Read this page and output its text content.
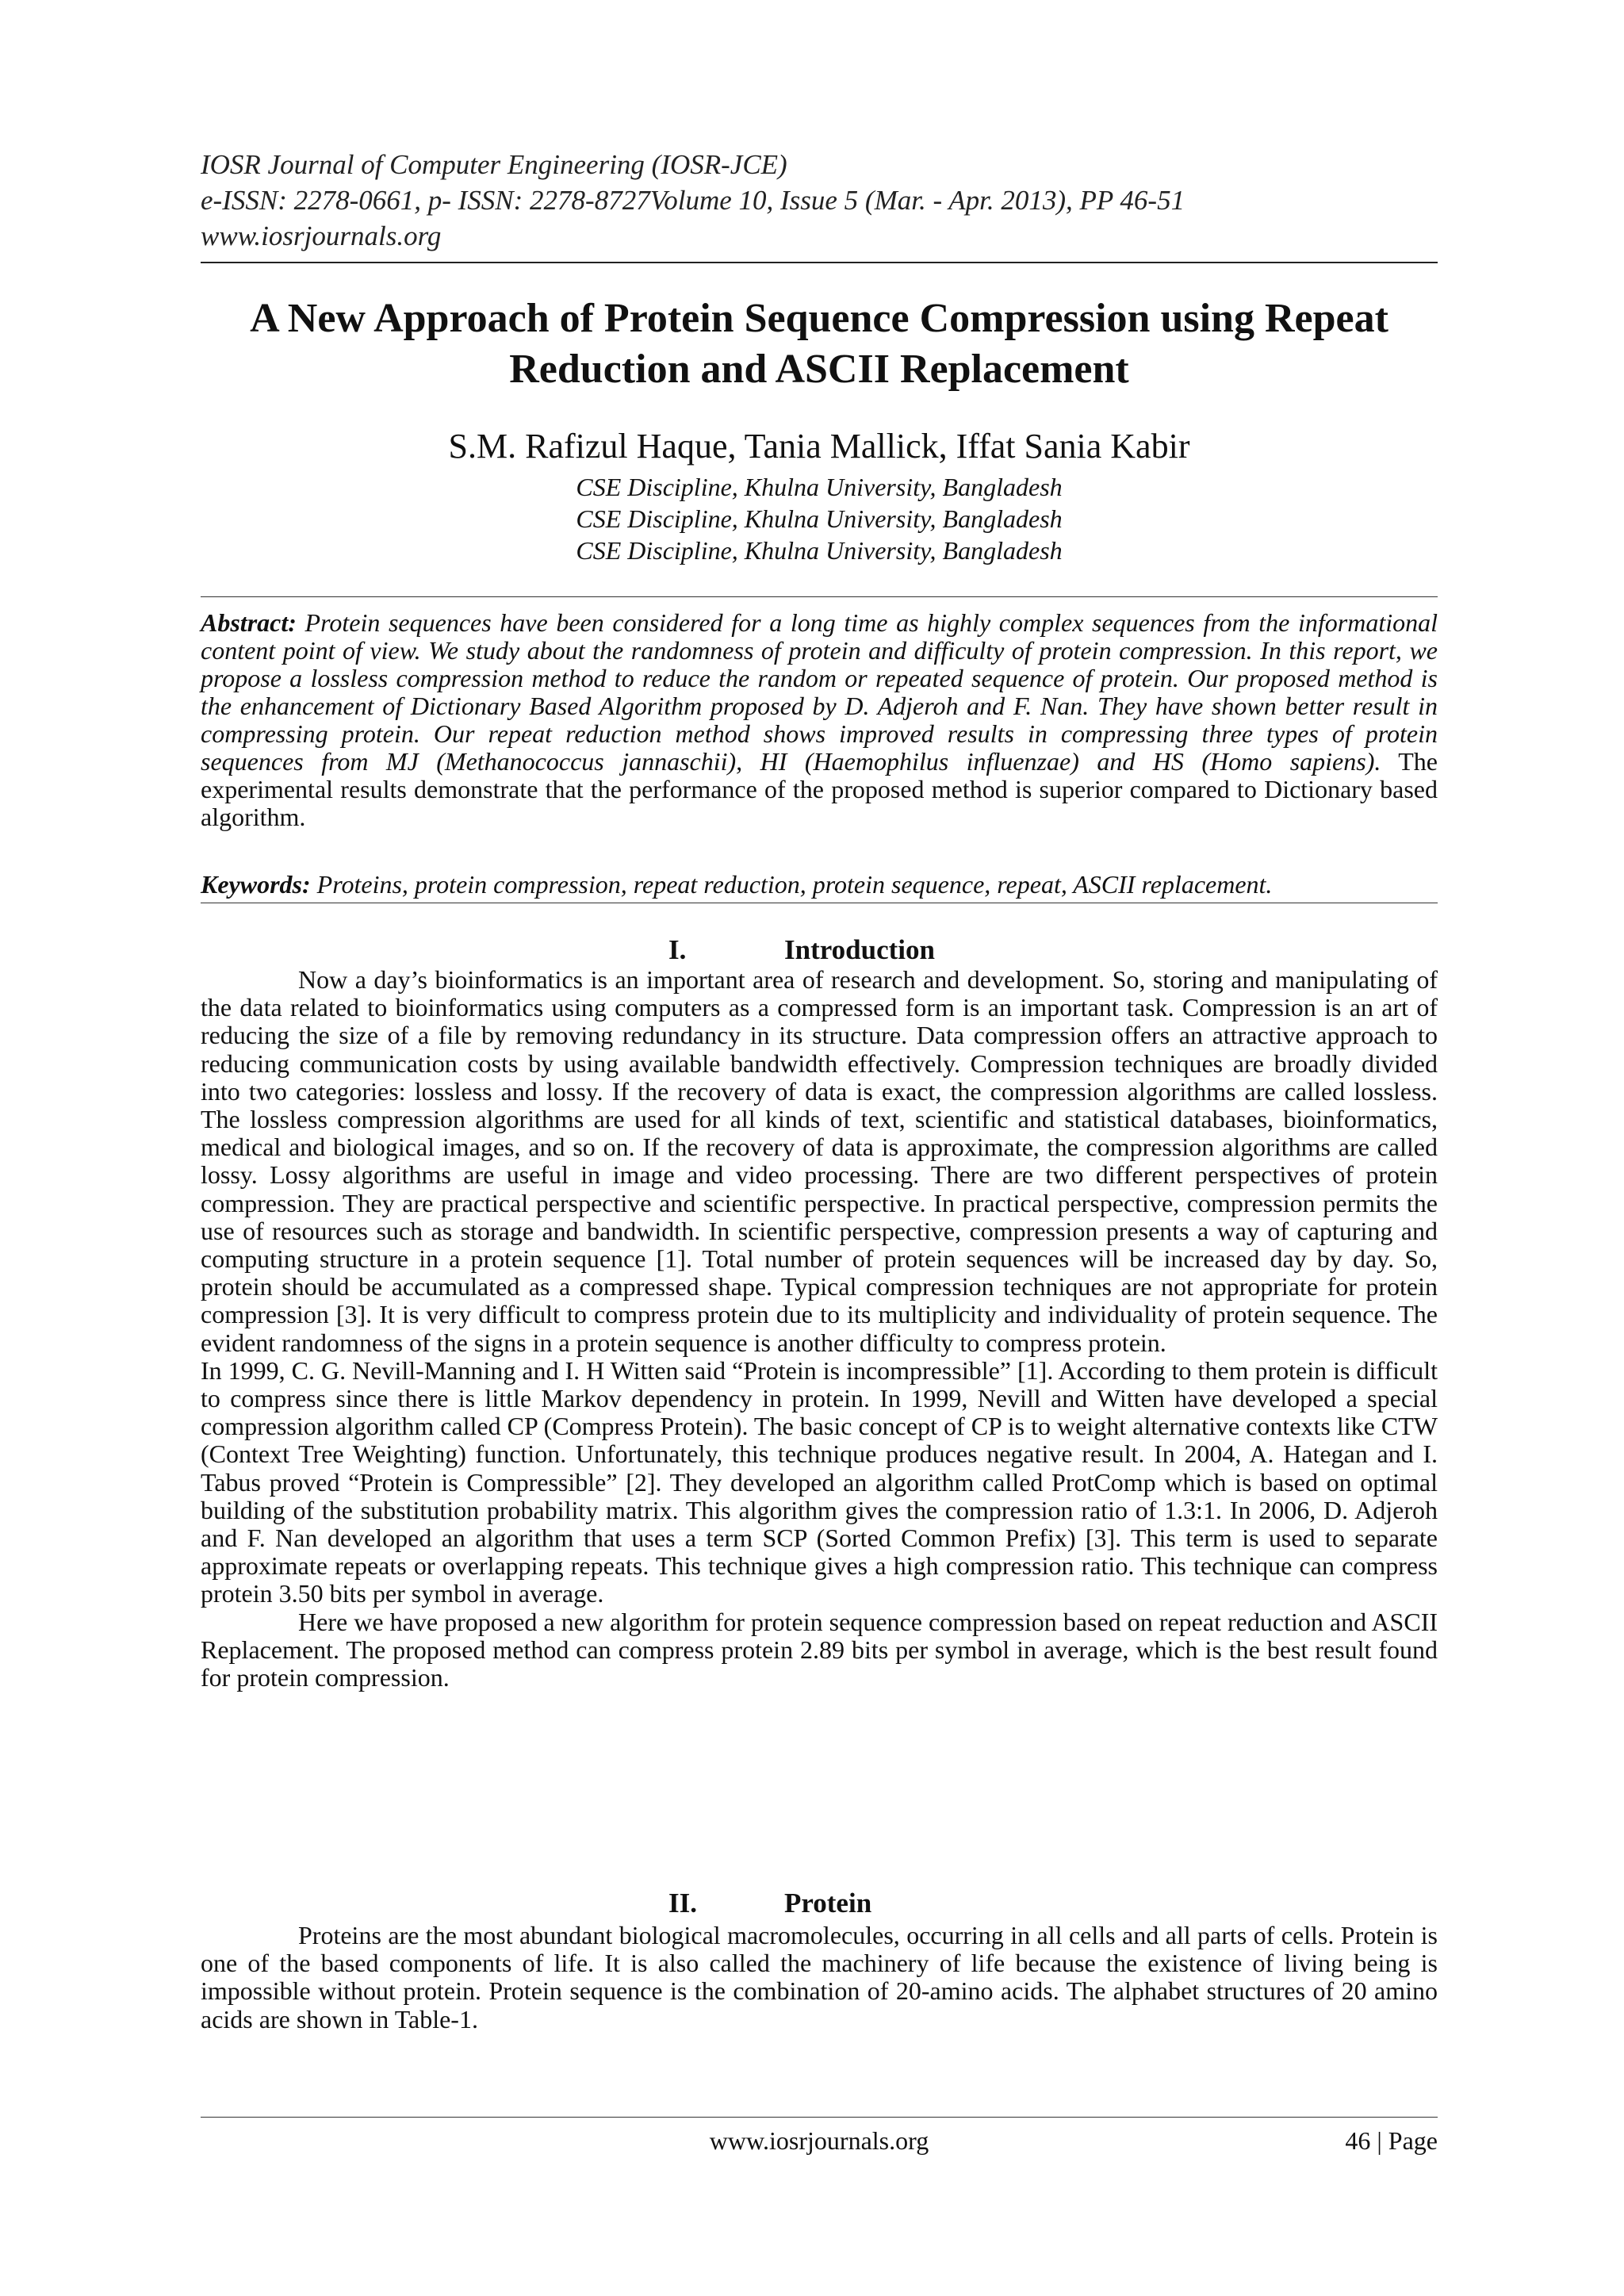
IOSR Journal of Computer Engineering (IOSR-JCE)
e-ISSN: 2278-0661, p- ISSN: 2278-8727Volume 10, Issue 5 (Mar. - Apr. 2013), PP 46-51
www.iosrjournals.org
A New Approach of Protein Sequence Compression using Repeat Reduction and ASCII Replacement
S.M. Rafizul Haque, Tania Mallick, Iffat Sania Kabir
CSE Discipline, Khulna University, Bangladesh
CSE Discipline, Khulna University, Bangladesh
CSE Discipline, Khulna University, Bangladesh
Abstract: Protein sequences have been considered for a long time as highly complex sequences from the informational content point of view. We study about the randomness of protein and difficulty of protein compression. In this report, we propose a lossless compression method to reduce the random or repeated sequence of protein. Our proposed method is the enhancement of Dictionary Based Algorithm proposed by D. Adjeroh and F. Nan. They have shown better result in compressing protein. Our repeat reduction method shows improved results in compressing three types of protein sequences from MJ (Methanococcus jannaschii), HI (Haemophilus influenzae) and HS (Homo sapiens). The experimental results demonstrate that the performance of the proposed method is superior compared to Dictionary based algorithm.
Keywords: Proteins, protein compression, repeat reduction, protein sequence, repeat, ASCII replacement.
I.	Introduction

Now a day’s bioinformatics is an important area of research and development. So, storing and manipulating of the data related to bioinformatics using computers as a compressed form is an important task. Compression is an art of reducing the size of a file by removing redundancy in its structure. Data compression offers an attractive approach to reducing communication costs by using available bandwidth effectively. Compression techniques are broadly divided into two categories: lossless and lossy. If the recovery of data is exact, the compression algorithms are called lossless. The lossless compression algorithms are used for all kinds of text, scientific and statistical databases, bioinformatics, medical and biological images, and so on. If the recovery of data is approximate, the compression algorithms are called lossy. Lossy algorithms are useful in image and video processing. There are two different perspectives of protein compression. They are practical perspective and scientific perspective. In practical perspective, compression permits the use of resources such as storage and bandwidth. In scientific perspective, compression presents a way of capturing and computing structure in a protein sequence [1]. Total number of protein sequences will be increased day by day. So, protein should be accumulated as a compressed shape. Typical compression techniques are not appropriate for protein compression [3]. It is very difficult to compress protein due to its multiplicity and individuality of protein sequence. The evident randomness of the signs in a protein sequence is another difficulty to compress protein.

In 1999, C. G. Nevill-Manning and I. H Witten said “Protein is incompressible” [1]. According to them protein is difficult to compress since there is little Markov dependency in protein. In 1999, Nevill and Witten have developed a special compression algorithm called CP (Compress Protein). The basic concept of CP is to weight alternative contexts like CTW (Context Tree Weighting) function. Unfortunately, this technique produces negative result. In 2004, A. Hategan and I. Tabus proved “Protein is Compressible” [2]. They developed an algorithm called ProtComp which is based on optimal building of the substitution probability matrix. This algorithm gives the compression ratio of 1.3:1. In 2006, D. Adjeroh and F. Nan developed an algorithm that uses a term SCP (Sorted Common Prefix) [3]. This term is used to separate approximate repeats or overlapping repeats. This technique gives a high compression ratio. This technique can compress protein 3.50 bits per symbol in average.

Here we have proposed a new algorithm for protein sequence compression based on repeat reduction and ASCII Replacement. The proposed method can compress protein 2.89 bits per symbol in average, which is the best result found for protein compression.

II.	Protein

Proteins are the most abundant biological macromolecules, occurring in all cells and all parts of cells. Protein is one of the based components of life. It is also called the machinery of life because the existence of living being is impossible without protein. Protein sequence is the combination of 20-amino acids. The alphabet structures of 20 amino acids are shown in Table-1.

www.iosrjournals.org	46 | Page
